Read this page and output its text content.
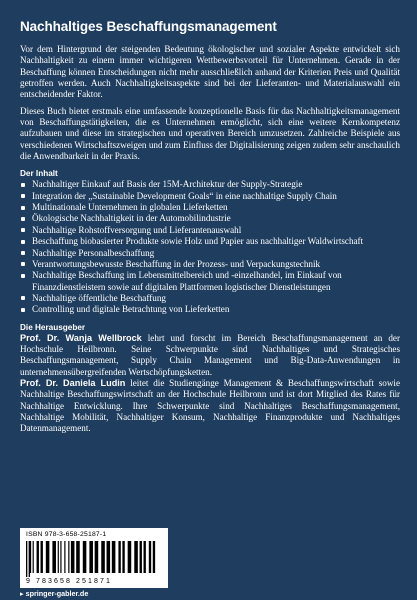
Nachhaltiges Beschaffungsmanagement

Vor dem Hintergrund der steigenden Bedeutung ökologischer und sozialer Aspekte entwickelt sich Nachhaltigkeit zu einem immer wichtigeren Wettbewerbsvorteil für Unternehmen. Gerade in der Beschaffung können Entscheidungen nicht mehr ausschließlich anhand der Kriterien Preis und Qualität getroffen werden. Auch Nachhaltigkeitsaspekte sind bei der Lieferanten- und Materialauswahl ein entscheidender Faktor.

Dieses Buch bietet erstmals eine umfassende konzeptionelle Basis für das Nachhaltigkeitsmanagement von Beschaffungstätigkeiten, die es Unternehmen ermöglicht, sich eine weitere Kernkompetenz aufzubauen und diese im strategischen und operativen Bereich umzusetzen. Zahlreiche Beispiele aus verschiedenen Wirtschaftszweigen und zum Einfluss der Digitalisierung zeigen zudem sehr anschaulich die Anwendbarkeit in der Praxis.

Der Inhalt
Nachhaltiger Einkauf auf Basis der 15M-Architektur der Supply-Strategie
Integration der „Sustainable Development Goals“ in eine nachhaltige Supply Chain
Multinationale Unternehmen in globalen Lieferketten
Ökologische Nachhaltigkeit in der Automobilindustrie
Nachhaltige Rohstoffversorgung und Lieferantenauswahl
Beschaffung biobasierter Produkte sowie Holz und Papier aus nachhaltiger Waldwirtschaft
Nachhaltige Personalbeschaffung
Verantwortungsbewusste Beschaffung in der Prozess- und Verpackungstechnik
Nachhaltige Beschaffung im Lebensmittelbereich und -einzelhandel, im Einkauf von Finanzdienstleistern sowie auf digitalen Plattformen logistischer Dienstleistungen
Nachhaltige öffentliche Beschaffung
Controlling und digitale Betrachtung von Lieferketten
Die Herausgeber

Prof. Dr. Wanja Wellbrock lehrt und forscht im Bereich Beschaffungsmanagement an der Hochschule Heilbronn. Seine Schwerpunkte sind Nachhaltiges und Strategisches Beschaffungsmanagement, Supply Chain Management und Big-Data-Anwendungen in unternehmensübergreifenden Wertschöpfungsketten.

Prof. Dr. Daniela Ludin leitet die Studiengänge Management & Beschaffungswirtschaft sowie Nachhaltige Beschaffungswirtschaft an der Hochschule Heilbronn und ist dort Mitglied des Rates für Nachhaltige Entwicklung. Ihre Schwerpunkte sind Nachhaltiges Beschaffungsmanagement, Nachhaltige Mobilität, Nachhaltiger Konsum, Nachhaltige Finanzprodukte und Nachhaltiges Datenmanagement.

ISBN 978-3-658-25187-1
9 783658 251871
▸ springer-gabler.de
